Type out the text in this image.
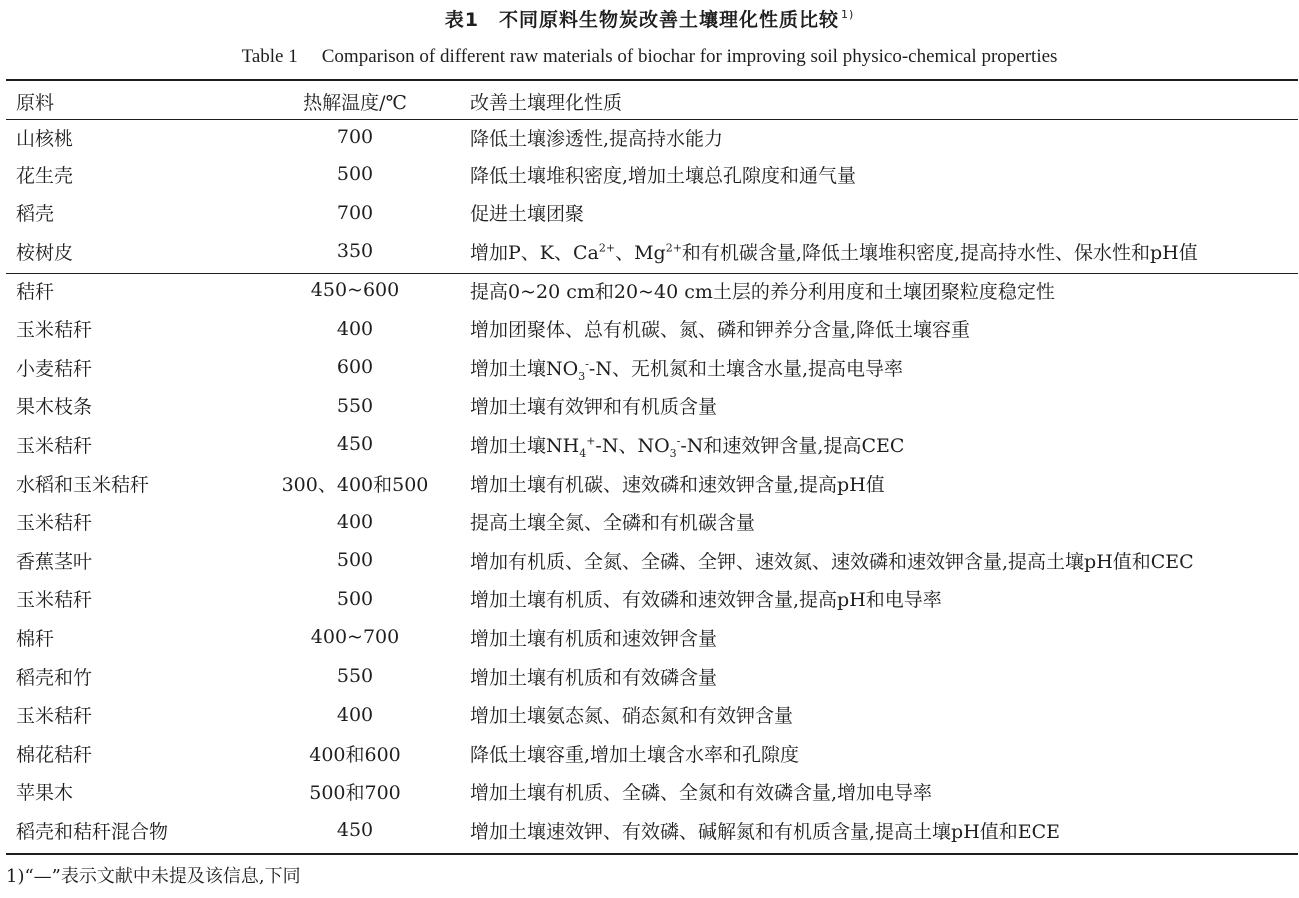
表1 不同原料生物炭改善土壤理化性质比较 $^{1)}$
Table 1 Comparison of different raw materials of biochar for improving soil physico-chemical properties
原料	热解温度/℃	改善土壤理化性质
山核桃	700	降低土壤渗透性,提高持水能力
花生壳	500	降低土壤堆积密度,增加土壤总孔隙度和通气量
稻壳	700	促进土壤团聚
桉树皮	350	增加P、K、$Ca^{2+}$、$Mg^{2+}$和有机碳含量,降低土壤堆积密度,提高持水性、保水性和pH值
秸秆	450~600	提高0~20 cm和20~40 cm土层的养分利用度和土壤团聚粒度稳定性
玉米秸秆	400	增加团聚体、总有机碳、氮、磷和钾养分含量,降低土壤容重
小麦秸秆	600	增加土壤$NO_3^--N$、无机氮和土壤含水量,提高电导率
果木枝条	550	增加土壤有效钾和有机质含量
玉米秸秆	450	增加土壤$NH_4^+-N$、$NO_3^--N$和速效钾含量,提高CEC
水稻和玉米秸秆	300、400和500	增加土壤有机碳、速效磷和速效钾含量,提高pH值
玉米秸秆	400	提高土壤全氮、全磷和有机碳含量
香蕉茎叶	500	增加有机质、全氮、全磷、全钾、速效氮、速效磷和速效钾含量,提高土壤pH值和CEC
玉米秸秆	500	增加土壤有机质、有效磷和速效钾含量,提高pH和电导率
棉秆	400~700	增加土壤有机质和速效钾含量
稻壳和竹	550	增加土壤有机质和有效磷含量
玉米秸秆	400	增加土壤氨态氮、硝态氮和有效钾含量
棉花秸秆	400和600	降低土壤容重,增加土壤含水率和孔隙度
苹果木	500和700	增加土壤有机质、全磷、全氮和有效磷含量,增加电导率
稻壳和秸秆混合物	450	增加土壤速效钾、有效磷、碱解氮和有机质含量,提高土壤pH值和ECE
1)“—”表示文献中未提及该信息,下同
